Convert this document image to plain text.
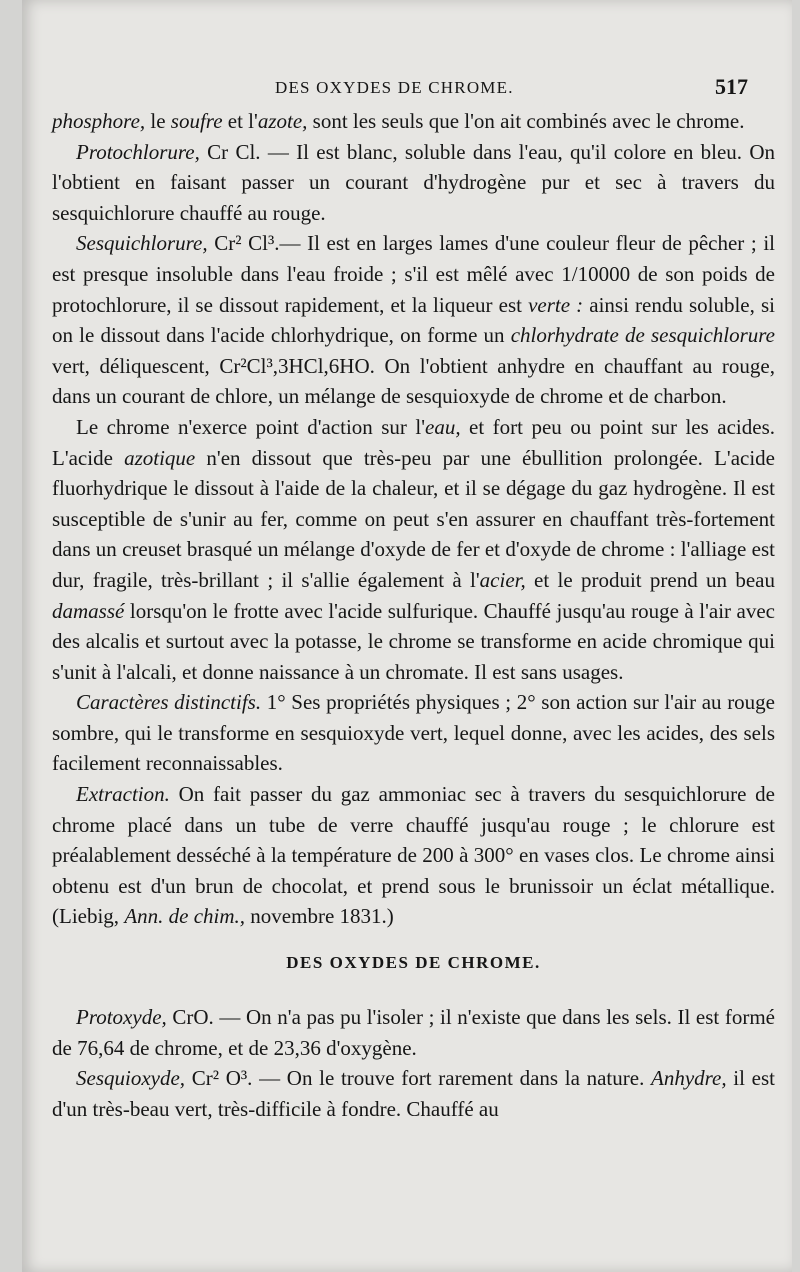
DES OXYDES DE CHROME.	517

phosphore, le soufre et l'azote, sont les seuls que l'on ait combinés avec le chrome.

Protochlorure, Cr Cl. — Il est blanc, soluble dans l'eau, qu'il colore en bleu. On l'obtient en faisant passer un courant d'hydrogène pur et sec à travers du sesquichlorure chauffé au rouge.

Sesquichlorure, Cr² Cl³.— Il est en larges lames d'une couleur fleur de pêcher ; il est presque insoluble dans l'eau froide ; s'il est mêlé avec 1/10000 de son poids de protochlorure, il se dissout rapidement, et la liqueur est verte : ainsi rendu soluble, si on le dissout dans l'acide chlorhydrique, on forme un chlorhydrate de sesquichlorure vert, déliquescent, Cr²Cl³,3HCl,6HO. On l'obtient anhydre en chauffant au rouge, dans un courant de chlore, un mélange de sesquioxyde de chrome et de charbon.

Le chrome n'exerce point d'action sur l'eau, et fort peu ou point sur les acides. L'acide azotique n'en dissout que très-peu par une ébullition prolongée. L'acide fluorhydrique le dissout à l'aide de la chaleur, et il se dégage du gaz hydrogène. Il est susceptible de s'unir au fer, comme on peut s'en assurer en chauffant très-fortement dans un creuset brasqué un mélange d'oxyde de fer et d'oxyde de chrome : l'alliage est dur, fragile, très-brillant ; il s'allie également à l'acier, et le produit prend un beau damassé lorsqu'on le frotte avec l'acide sulfurique. Chauffé jusqu'au rouge à l'air avec des alcalis et surtout avec la potasse, le chrome se transforme en acide chromique qui s'unit à l'alcali, et donne naissance à un chromate. Il est sans usages.

Caractères distinctifs. 1° Ses propriétés physiques ; 2° son action sur l'air au rouge sombre, qui le transforme en sesquioxyde vert, lequel donne, avec les acides, des sels facilement reconnaissables.

Extraction. On fait passer du gaz ammoniac sec à travers du sesquichlorure de chrome placé dans un tube de verre chauffé jusqu'au rouge ; le chlorure est préalablement desséché à la température de 200 à 300° en vases clos. Le chrome ainsi obtenu est d'un brun de chocolat, et prend sous le brunissoir un éclat métallique. (Liebig, Ann. de chim., novembre 1831.)

DES OXYDES DE CHROME.

Protoxyde, CrO. — On n'a pas pu l'isoler ; il n'existe que dans les sels. Il est formé de 76,64 de chrome, et de 23,36 d'oxygène.

Sesquioxyde, Cr² O³. — On le trouve fort rarement dans la nature. Anhydre, il est d'un très-beau vert, très-difficile à fondre. Chauffé au
